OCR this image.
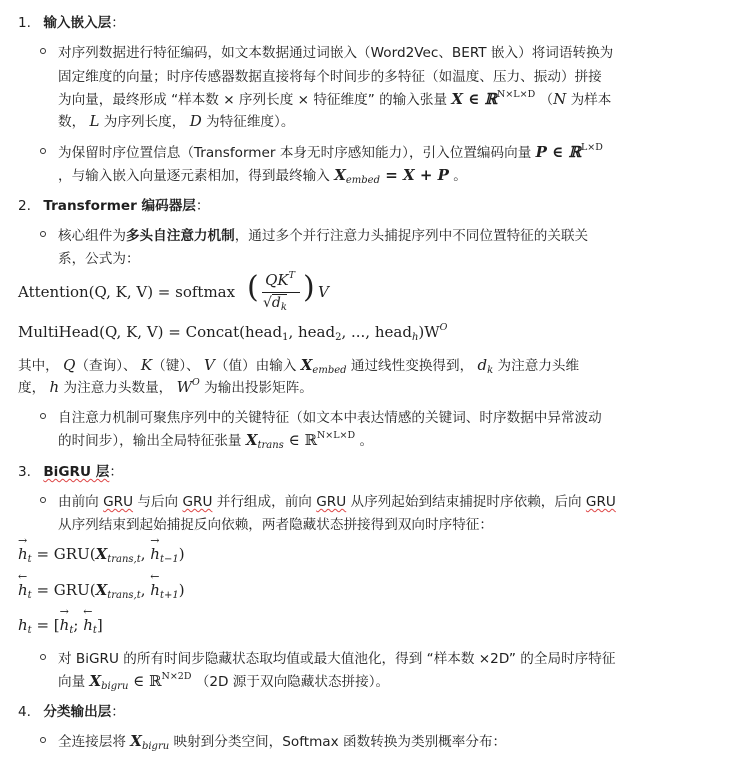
1. 输入嵌入层：
对序列数据进行特征编码，如文本数据通过词嵌入（Word2Vec、BERT 嵌入）将词语转换为
固定维度的向量；时序传感器数据直接将每个时间步的多特征（如温度、压力、振动）拼接
为向量，最终形成 “样本数 × 序列长度 × 特征维度” 的输入张量 X ∈ ℝ$^{N\times L\times D}$ （N 为样本
数， L 为序列长度， D 为特征维度）。
为保留时序位置信息（Transformer 本身无时序感知能力），引入位置编码向量 P ∈ ℝ$^{L\times D}$
，与输入嵌入向量逐元素相加，得到最终输入 $X_{embed} = X + P$ 。
2. Transformer 编码器层：
核心组件为多头自注意力机制，通过多个并行注意力头捕捉序列中不同位置特征的关联关
系，公式为：
Attention(Q, K, V) = softmax ( $QK^T$
$√d_k$
) V
MultiHead(Q, K, V) = Concat(head$_1$, head$_2$, ..., $head_h)W^O$
其中， Q（查询）、 K（键）、 V（值）由输入 $X_{embed}$ 通过线性变换得到， $d_k$ 为注意力头维
度， h 为注意力头数量， $W^O$ 为输出投影矩阵。
自注意力机制可聚焦序列中的关键特征（如文本中表达情感的关键词、时序数据中异常波动
的时间步），输出全局特征张量 $X_{trans}$ ∈ ℝ$^{N\times L\times D}$ 。
3. BiGRU 层：
由前向 GRU 与后向 GRU 并行组成，前向 GRU 从序列起始到结束捕捉时序依赖，后向 GRU
从序列结束到起始捕捉反向依赖，两者隐藏状态拼接得到双向时序特征：
→
$h_t = GRU(X_{trans,t}$,
→
$h_{t-1}$)
←
$h_t = GRU(X_{trans,t}$,
←
$h_{t+1}$)
$h_t$ = [
→
$h_t$;
←
$h_t$]
对 BiGRU 的所有时间步隐藏状态取均值或最大值池化，得到 “样本数 ×2D” 的全局时序特征
向量 $X_{bigru}$ ∈ ℝ$^{N\times 2D}$ （2D 源于双向隐藏状态拼接）。
4. 分类输出层：
全连接层将 $X_{bigru}$ 映射到分类空间，Softmax 函数转换为类别概率分布：
